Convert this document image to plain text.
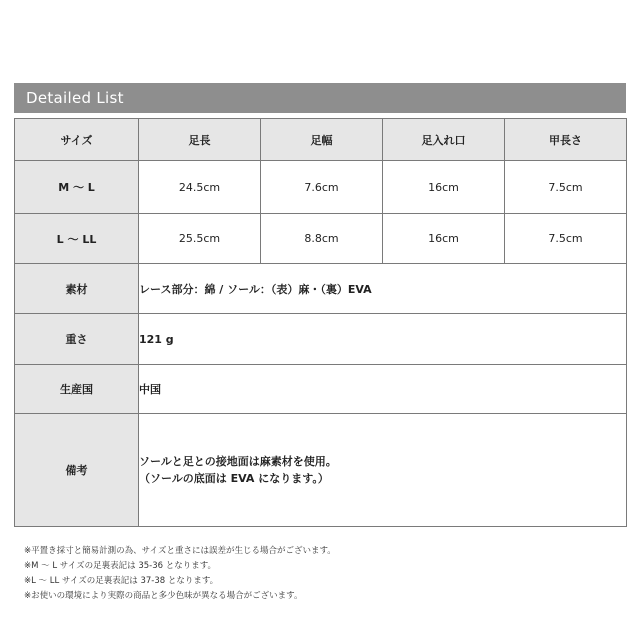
Detailed List
サイズ	足長	足幅	足入れ口	甲長さ
M ～ L	24.5cm	7.6cm	16cm	7.5cm
L ～ LL	25.5cm	8.8cm	16cm	7.5cm
素材	レース部分：綿 / ソール：（表）麻・（裏）EVA			
重さ	121 g			
生産国	中国			
備考	ソールと足との接地面は麻素材を使用。
（ソールの底面は EVA になります。）			
※平置き採寸と簡易計測の為、サイズと重さには誤差が生じる場合がございます。
※M ～ L サイズの足裏表記は 35-36 となります。
※L ～ LL サイズの足裏表記は 37-38 となります。
※お使いの環境により実際の商品と多少色味が異なる場合がございます。
